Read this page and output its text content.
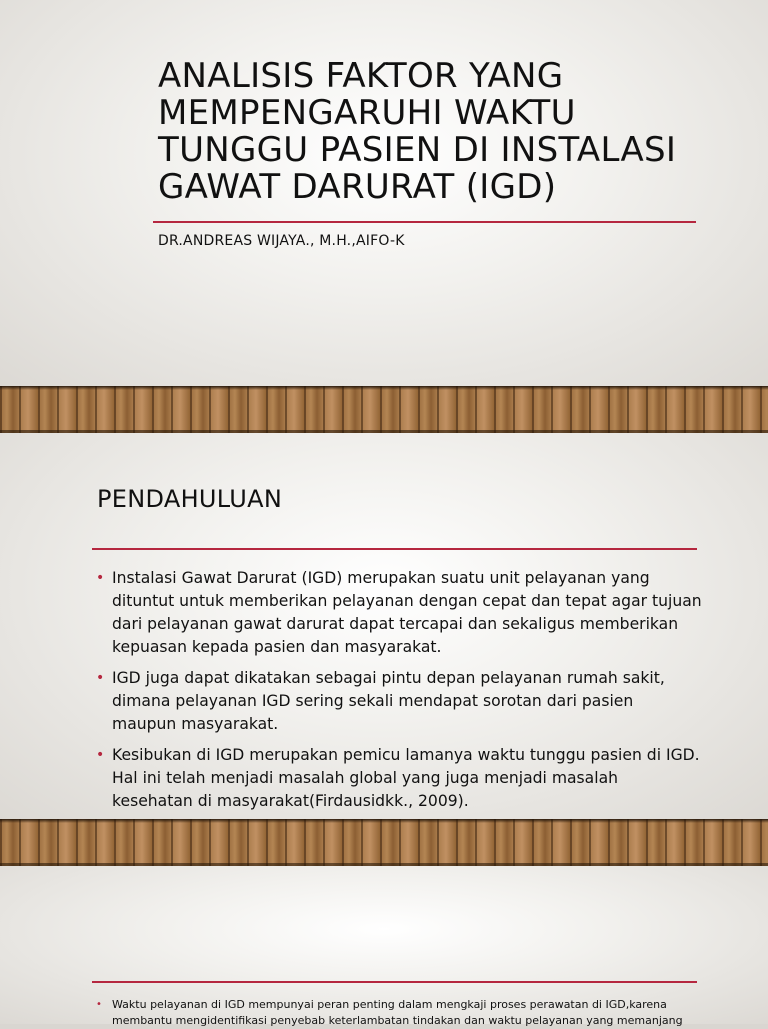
ANALISIS FAKTOR YANG MEMPENGARUHI WAKTU TUNGGU PASIEN DI INSTALASI GAWAT DARURAT (IGD)
DR.ANDREAS WIJAYA., M.H.,AIFO-K
PENDAHULUAN
• Instalasi Gawat Darurat (IGD) merupakan suatu unit pelayanan yang dituntut untuk memberikan pelayanan dengan cepat dan tepat agar tujuan dari pelayanan gawat darurat dapat tercapai dan sekaligus memberikan kepuasan kepada pasien dan masyarakat.
• IGD juga dapat dikatakan sebagai pintu depan pelayanan rumah sakit, dimana pelayanan IGD sering sekali mendapat sorotan dari pasien maupun masyarakat.
• Kesibukan di IGD merupakan pemicu lamanya waktu tunggu pasien di IGD. Hal ini telah menjadi masalah global yang juga menjadi masalah kesehatan di masyarakat(Firdausidkk., 2009).
• Waktu pelayanan di IGD mempunyai peran penting dalam mengkaji proses perawatan di IGD,karena membantu mengidentifikasi penyebab keterlambatan tindakan dan waktu pelayanan yang memanjang
